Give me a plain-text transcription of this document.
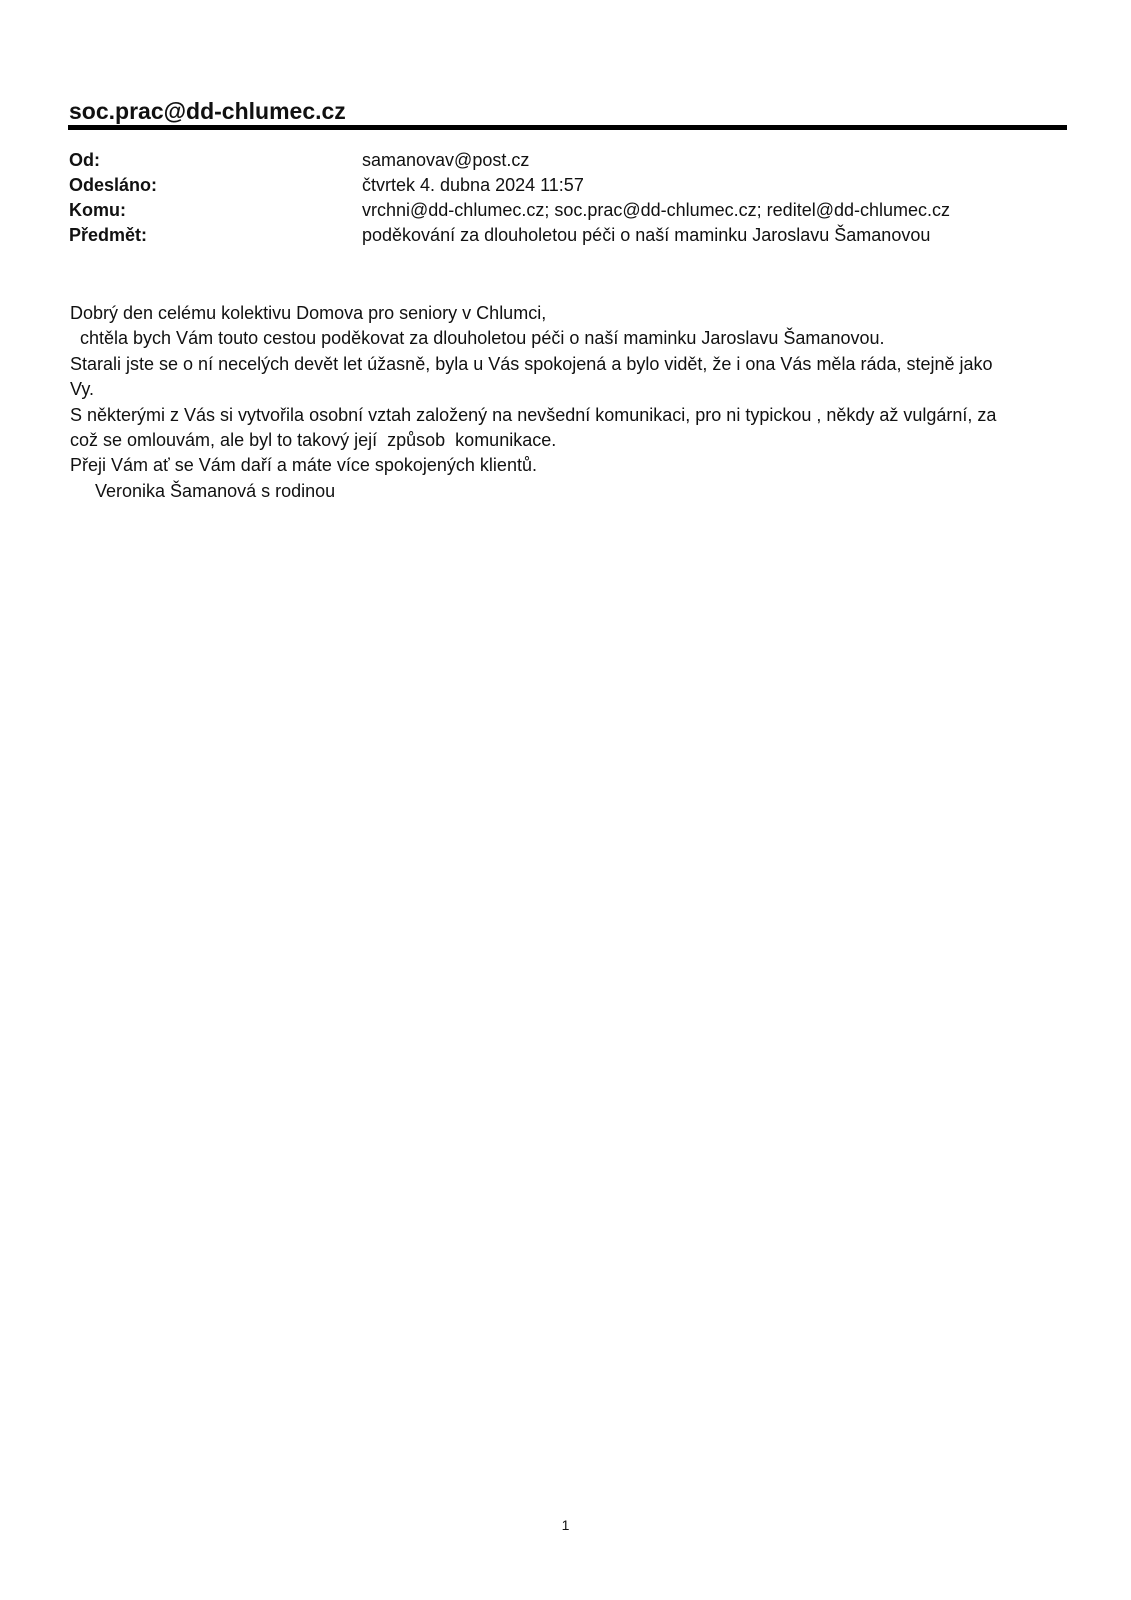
soc.prac@dd-chlumec.cz
Od:	samanovav@post.cz
Odesláno:	čtvrtek 4. dubna 2024 11:57
Komu:	vrchni@dd-chlumec.cz; soc.prac@dd-chlumec.cz; reditel@dd-chlumec.cz
Předmět:	poděkování za dlouholetou péči o naší maminku Jaroslavu Šamanovou
Dobrý den celému kolektivu Domova pro seniory v Chlumci,
chtěla bych Vám touto cestou poděkovat za dlouholetou péči o naší maminku Jaroslavu Šamanovou.
Starali jste se o ní necelých devět let úžasně, byla u Vás spokojená a bylo vidět, že i ona Vás měla ráda, stejně jako
Vy.
S některými z Vás si vytvořila osobní vztah založený na nevšední komunikaci, pro ni typickou , někdy až vulgární, za
což se omlouvám, ale byl to takový její  způsob  komunikace.
Přeji Vám ať se Vám daří a máte více spokojených klientů.
Veronika Šamanová s rodinou
1
